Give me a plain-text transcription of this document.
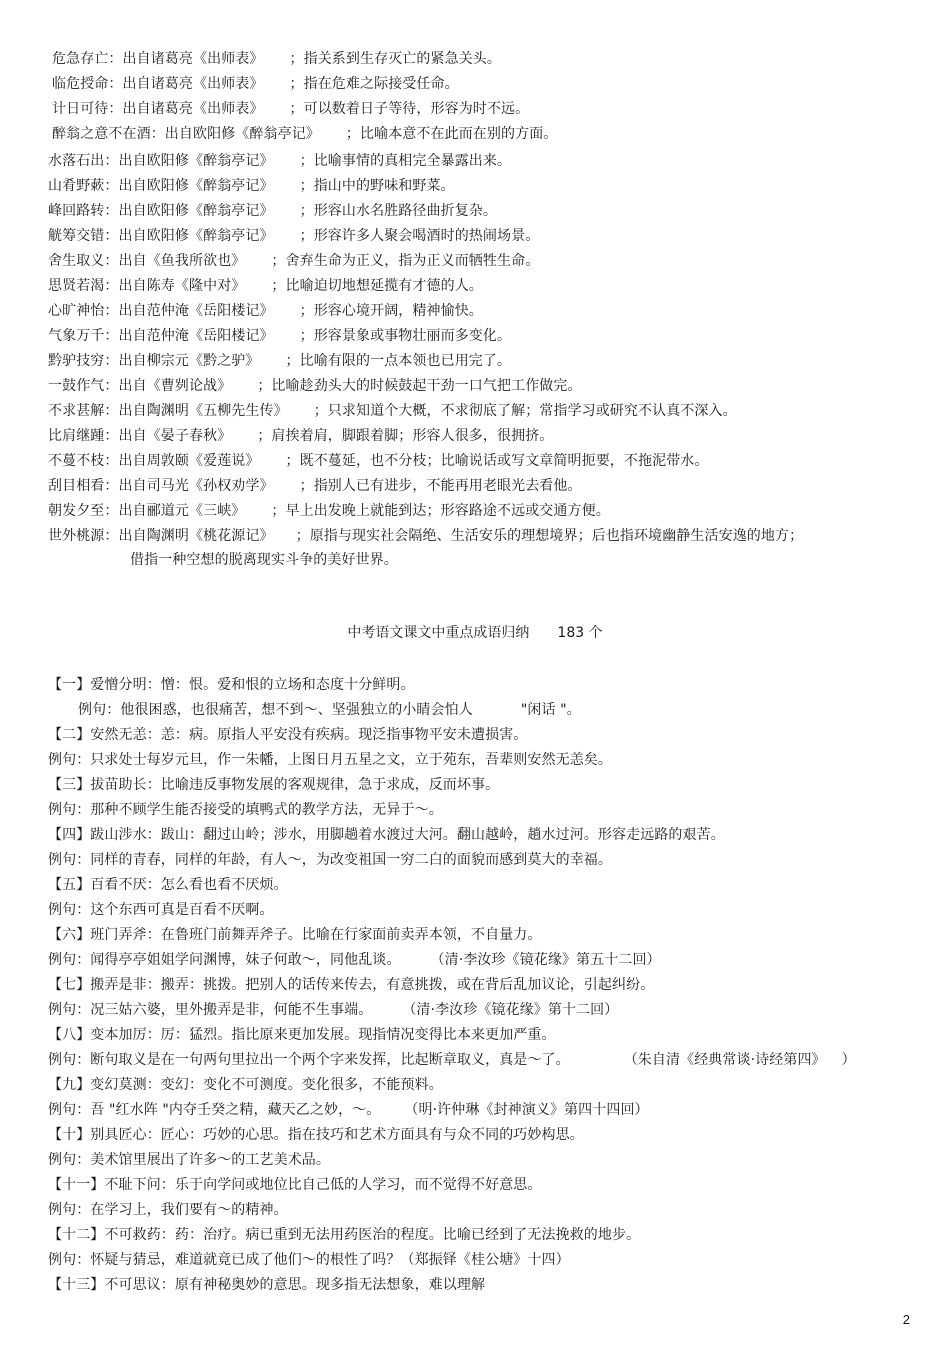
危急存亡：出自诸葛亮《出师表》 ；指关系到生存灭亡的紧急关头。
临危授命：出自诸葛亮《出师表》 ；指在危难之际接受任命。
计日可待：出自诸葛亮《出师表》 ；可以数着日子等待，形容为时不远。
醉翁之意不在酒：出自欧阳修《醉翁亭记》 ；比喻本意不在此而在别的方面。
水落石出：出自欧阳修《醉翁亭记》 ；比喻事情的真相完全暴露出来。
山肴野蔌：出自欧阳修《醉翁亭记》 ；指山中的野味和野菜。
峰回路转：出自欧阳修《醉翁亭记》 ；形容山水名胜路径曲折复杂。
觥筹交错：出自欧阳修《醉翁亭记》 ；形容许多人聚会喝酒时的热闹场景。
舍生取义：出自《鱼我所欲也》 ；舍弃生命为正义，指为正义而牺牲生命。
思贤若渴：出自陈寿《隆中对》 ；比喻迫切地想延揽有才德的人。
心旷神怡：出自范仲淹《岳阳楼记》 ；形容心境开阔，精神愉快。
气象万千：出自范仲淹《岳阳楼记》 ；形容景象或事物壮丽而多变化。
黔驴技穷：出自柳宗元《黔之驴》 ；比喻有限的一点本领也已用完了。
一鼓作气：出自《曹刿论战》 ；比喻趁劲头大的时候鼓起干劲一口气把工作做完。
不求甚解：出自陶渊明《五柳先生传》 ；只求知道个大概，不求彻底了解；常指学习或研究不认真不深入。
比肩继踵：出自《晏子春秋》 ；肩挨着肩，脚跟着脚；形容人很多，很拥挤。
不蔓不枝：出自周敦颐《爱莲说》 ；既不蔓延，也不分枝；比喻说话或写文章简明扼要，不拖泥带水。
刮目相看：出自司马光《孙权劝学》 ；指别人已有进步，不能再用老眼光去看他。
朝发夕至：出自郦道元《三峡》 ；早上出发晚上就能到达；形容路途不远或交通方便。
世外桃源：出自陶渊明《桃花源记》 ；原指与现实社会隔绝、生活安乐的理想境界；后也指环境幽静生活安逸的地方；
借指一种空想的脱离现实斗争的美好世界。
中考语文课文中重点成语归纳 183 个
【一】爱憎分明：憎：恨。爱和恨的立场和态度十分鲜明。
例句：他很困惑，也很痛苦，想不到～、坚强独立的小睛会怕人	"闲话 "。
【二】安然无恙：恙：病。原指人平安没有疾病。现泛指事物平安未遭损害。
例句：只求处士每岁元旦，作一朱幡，上图日月五星之文，立于苑东，吾辈则安然无恙矣。
【三】拔苗助长：比喻违反事物发展的客观规律，急于求成，反而坏事。
例句：那种不顾学生能否接受的填鸭式的教学方法，无异于～。
【四】跋山涉水：跋山：翻过山岭；涉水，用脚趟着水渡过大河。翻山越岭，趟水过河。形容走远路的艰苦。
例句：同样的青春，同样的年龄，有人～，为改变祖国一穷二白的面貌而感到莫大的幸福。
【五】百看不厌：怎么看也看不厌烦。
例句：这个东西可真是百看不厌啊。
【六】班门弄斧：在鲁班门前舞弄斧子。比喻在行家面前卖弄本领，不自量力。
例句：闻得亭亭姐姐学问渊博，妹子何敢～，同他乱谈。 （清·李汝珍《镜花缘》第五十二回）
【七】搬弄是非：搬弄：挑拨。把别人的话传来传去，有意挑拨，或在背后乱加议论，引起纠纷。
例句：况三姑六婆，里外搬弄是非，何能不生事端。 （清·李汝珍《镜花缘》第十二回）
【八】变本加厉：厉：猛烈。指比原来更加发展。现指情况变得比本来更加严重。
例句：断句取义是在一句两句里拉出一个两个字来发挥，比起断章取义，真是～了。	（朱自清《经典常谈·诗经第四》 ）
【九】变幻莫测：变幻：变化不可测度。变化很多，不能预料。
例句：吾 "红水阵 "内夺壬癸之精，藏天乙之妙，～。 （明·许仲琳《封神演义》第四十四回）
【十】别具匠心：匠心：巧妙的心思。指在技巧和艺术方面具有与众不同的巧妙构思。
例句：美术馆里展出了许多～的工艺美术品。
【十一】不耻下问：乐于向学问或地位比自己低的人学习，而不觉得不好意思。
例句：在学习上，我们要有～的精神。
【十二】不可救药：药：治疗。病已重到无法用药医治的程度。比喻已经到了无法挽救的地步。
例句：怀疑与猜忌，难道就竟已成了他们～的根性了吗？（郑振铎《桂公塘》十四）
【十三】不可思议：原有神秘奥妙的意思。现多指无法想象，难以理解
2
